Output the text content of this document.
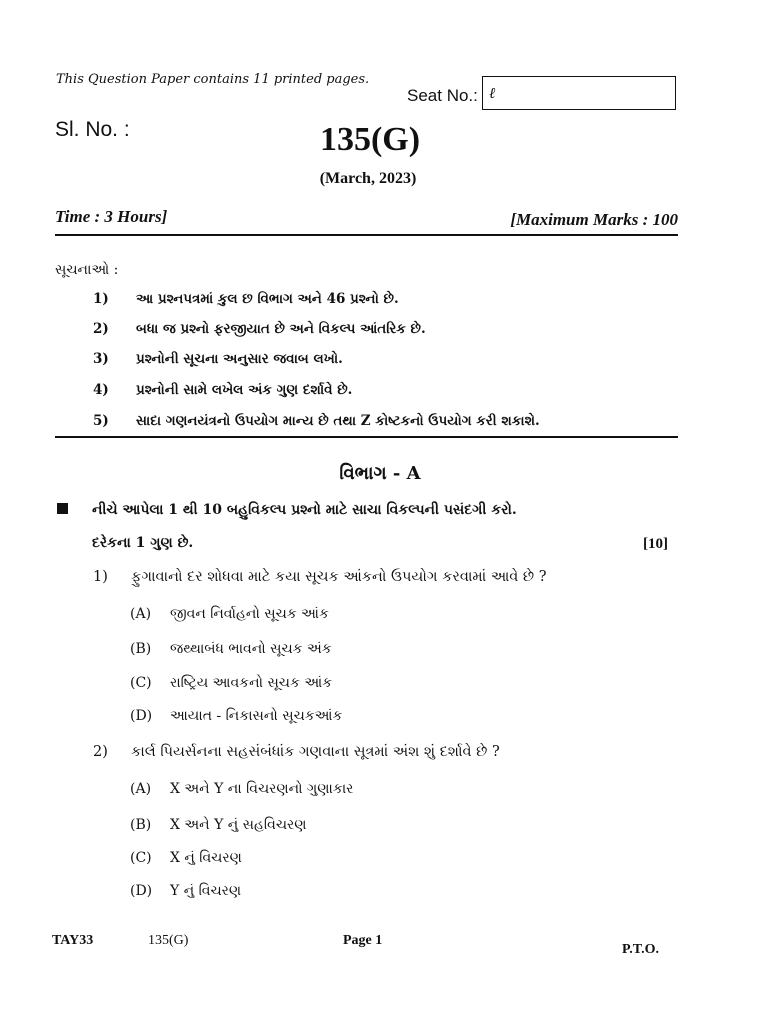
This Question Paper contains 11 printed pages.
Seat No.: ℓ
Sl. No. :	135(G)
(March, 2023)
Time : 3 Hours]	[Maximum Marks : 100
સૂચનાઓ :
1) આ પ્રશ્નપત્રમાં કુલ છ વિભાગ અને 46 પ્રશ્નો છે.
2) બધા જ પ્રશ્નો ફરજીયાત છે અને વિકલ્પ આંતરિક છે.
3) પ્રશ્નોની સૂચના અનુસાર જવાબ લખો.
4) પ્રશ્નોની સામે લખેલ અંક ગુણ દર્શાવે છે.
5) સાદા ગણનયંત્રનો ઉપયોગ માન્ય છે તથા Z કોષ્ટકનો ઉપયોગ કરી શકાશે.
વિભાગ - A
નીચે આપેલા 1 થી 10 બહુવિકલ્પ પ્રશ્નો માટે સાચા વિકલ્પની પસંદગી કરો.
દરેકના 1 ગુણ છે.	[10]
1) ફુગાવાનો દર શોધવા માટે કયા સૂચક આંકનો ઉપયોગ કરવામાં આવે છે ?
(A) જીવન નિર્વાહનો સૂચક આંક
(B) જથ્થાબંધ ભાવનો સૂચક અંક
(C) રાષ્ટ્રિય આવકનો સૂચક આંક
(D) આયાત - નિકાસનો સૂચકઆંક
2) કાર્લ પિયર્સનના સહસંબંધાંક ગણવાના સૂત્રમાં અંશ શું દર્શાવે છે ?
(A) X અને Y ના વિચરણનો ગુણાકાર
(B) X અને Y નું સહવિચરણ
(C) X નું વિચરણ
(D) Y નું વિચરણ
TAY33	135(G)	Page 1
P.T.O.
